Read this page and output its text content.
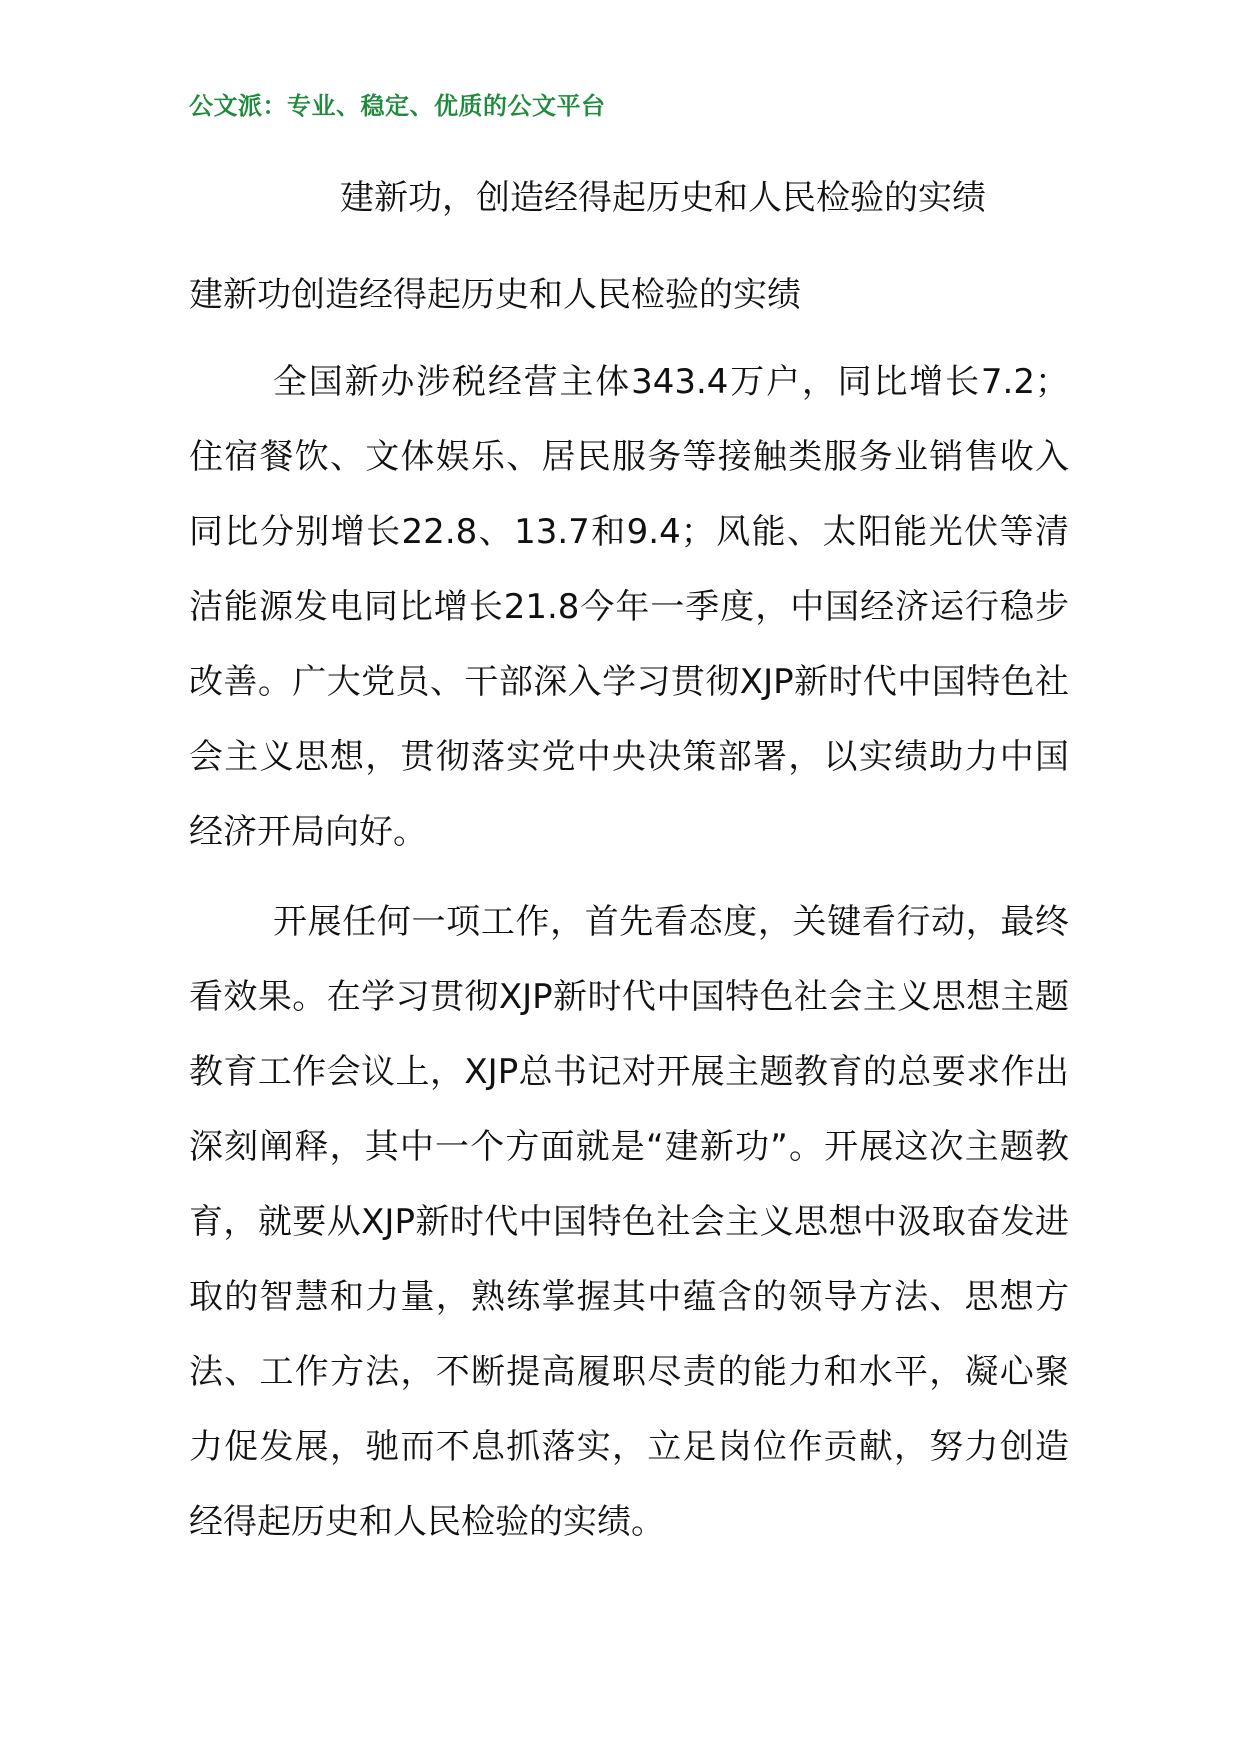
公文派：专业、稳定、优质的公文平台
建新功，创造经得起历史和人民检验的实绩
建新功创造经得起历史和人民检验的实绩

全国新办涉税经营主体343.4万户，同比增长7.2；住宿餐饮、文体娱乐、居民服务等接触类服务业销售收入同比分别增长22.8、13.7和9.4；风能、太阳能光伏等清洁能源发电同比增长21.8今年一季度，中国经济运行稳步改善。广大党员、干部深入学习贯彻XJP新时代中国特色社会主义思想，贯彻落实党中央决策部署，以实绩助力中国经济开局向好。

开展任何一项工作，首先看态度，关键看行动，最终看效果。在学习贯彻XJP新时代中国特色社会主义思想主题教育工作会议上，XJP总书记对开展主题教育的总要求作出深刻阐释，其中一个方面就是“建新功”。开展这次主题教育，就要从XJP新时代中国特色社会主义思想中汲取奋发进取的智慧和力量，熟练掌握其中蕴含的领导方法、思想方法、工作方法，不断提高履职尽责的能力和水平，凝心聚力促发展，驰而不息抓落实，立足岗位作贡献，努力创造经得起历史和人民检验的实绩。
